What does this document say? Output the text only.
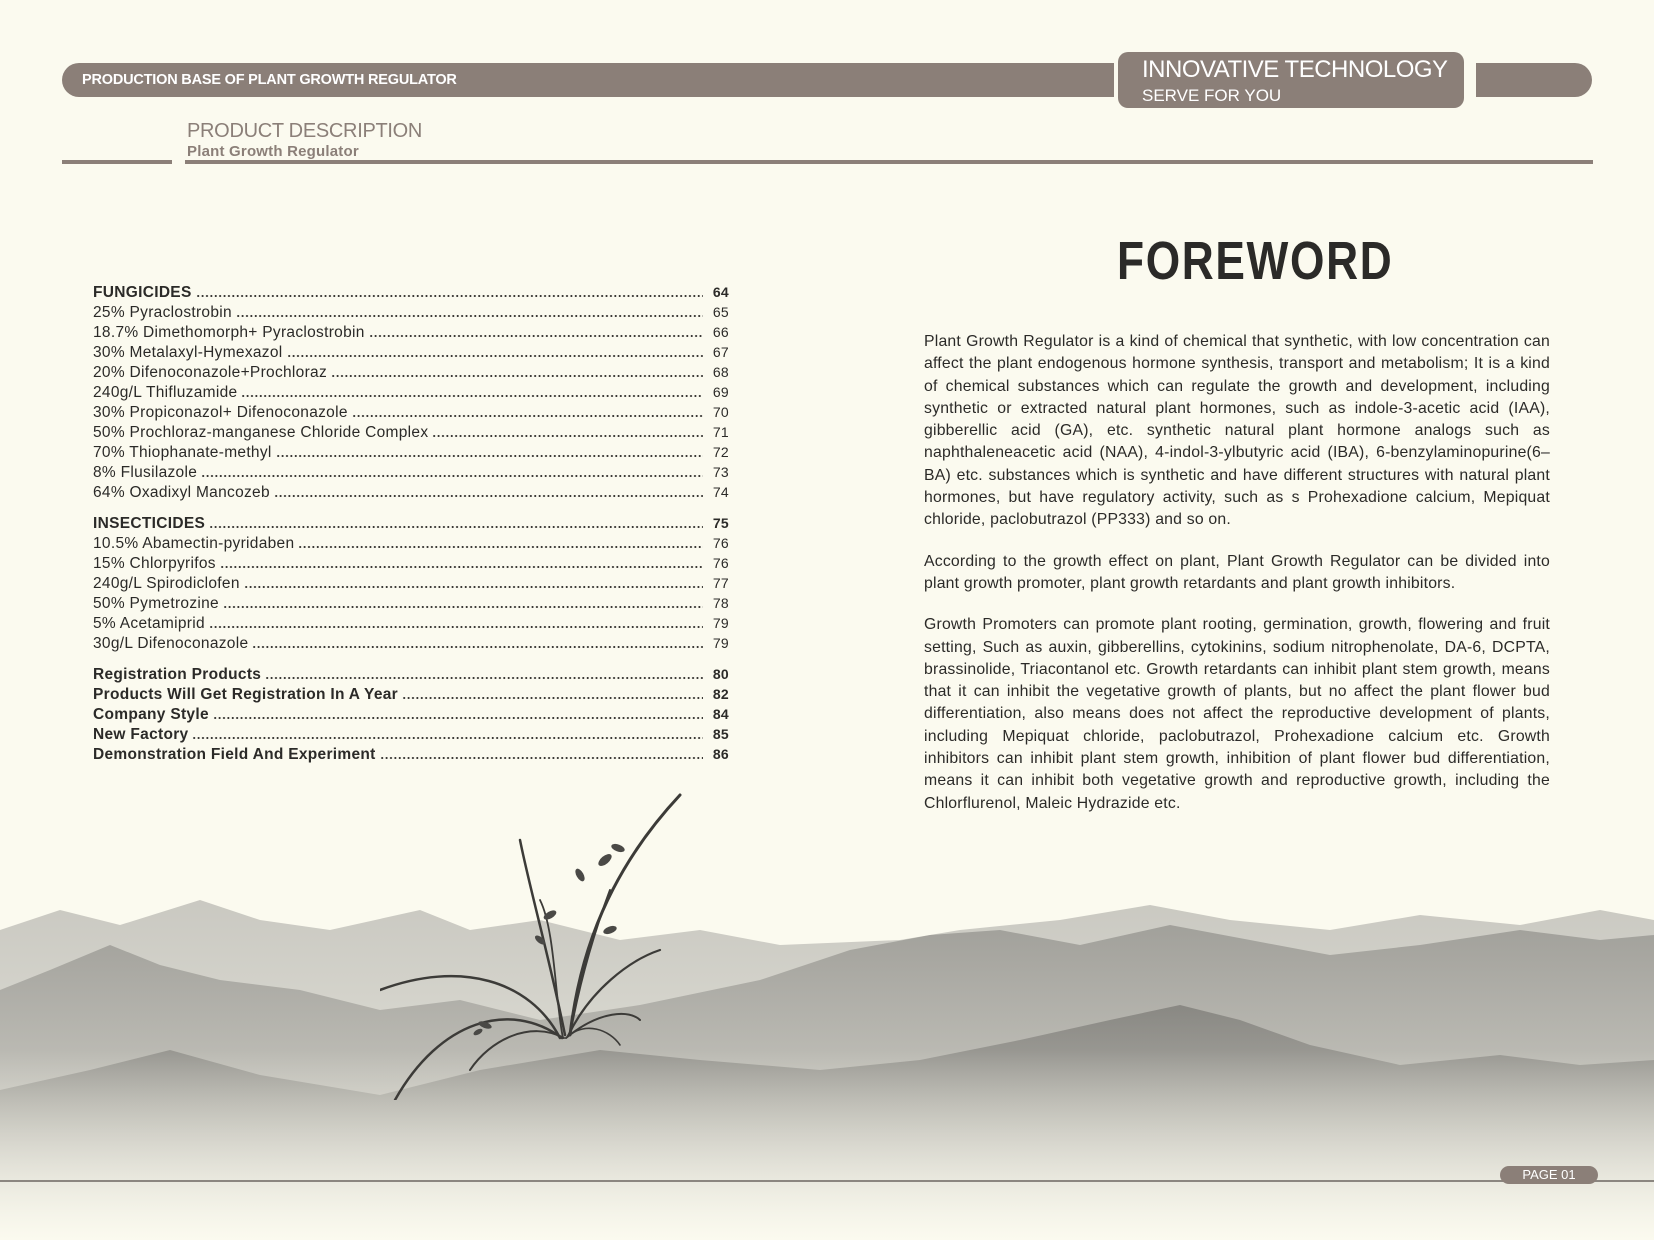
PRODUCTION BASE OF PLANT GROWTH REGULATOR	INNOVATIVE TECHNOLOGY
SERVE FOR YOU
PRODUCT DESCRIPTION
Plant Growth Regulator
FUNGICIDES	64
25% Pyraclostrobin	65
18.7% Dimethomorph+ Pyraclostrobin	66
30% Metalaxyl-Hymexazol	67
20% Difenoconazole+Prochloraz	68
240g/L Thifluzamide	69
30% Propiconazol+ Difenoconazole	70
50% Prochloraz-manganese Chloride Complex	71
70% Thiophanate-methyl	72
8% Flusilazole	73
64% Oxadixyl Mancozeb	74
INSECTICIDES	75
10.5% Abamectin-pyridaben	76
15% Chlorpyrifos	76
240g/L Spirodiclofen	77
50% Pymetrozine	78
5% Acetamiprid	79
30g/L Difenoconazole	79
Registration Products	80
Products Will Get Registration In A Year	82
Company Style	84
New Factory	85
Demonstration Field And Experiment	86
FOREWORD

Plant Growth Regulator is a kind of chemical that synthetic, with low concentration can affect the plant endogenous hormone synthesis, transport and metabolism; It is a kind of chemical substances which can regulate the growth and development, including synthetic or extracted natural plant hormones, such as indole-3-acetic acid (IAA), gibberellic acid (GA), etc. synthetic natural plant hormone analogs such as naphthaleneacetic acid (NAA), 4-indol-3-ylbutyric acid (IBA), 6-benzylaminopurine(6–BA) etc. substances which is synthetic and have different structures with natural plant hormones, but have regulatory activity, such as s Prohexadione calcium, Mepiquat chloride, paclobutrazol (PP333) and so on.

According to the growth effect on plant, Plant Growth Regulator can be divided into plant growth promoter, plant growth retardants and plant growth inhibitors.

Growth Promoters can promote plant rooting, germination, growth, flowering and fruit setting, Such as auxin, gibberellins, cytokinins, sodium nitrophenolate, DA-6, DCPTA, brassinolide, Triacontanol etc. Growth retardants can inhibit plant stem growth, means that it can inhibit the vegetative growth of plants, but no affect the plant flower bud differentiation, also means does not affect the reproductive development of plants, including Mepiquat chloride, paclobutrazol, Prohexadione calcium etc. Growth inhibitors can inhibit plant stem growth, inhibition of plant flower bud differentiation, means it can inhibit both vegetative growth and reproductive growth, including the Chlorflurenol, Maleic Hydrazide etc.

PAGE 01
